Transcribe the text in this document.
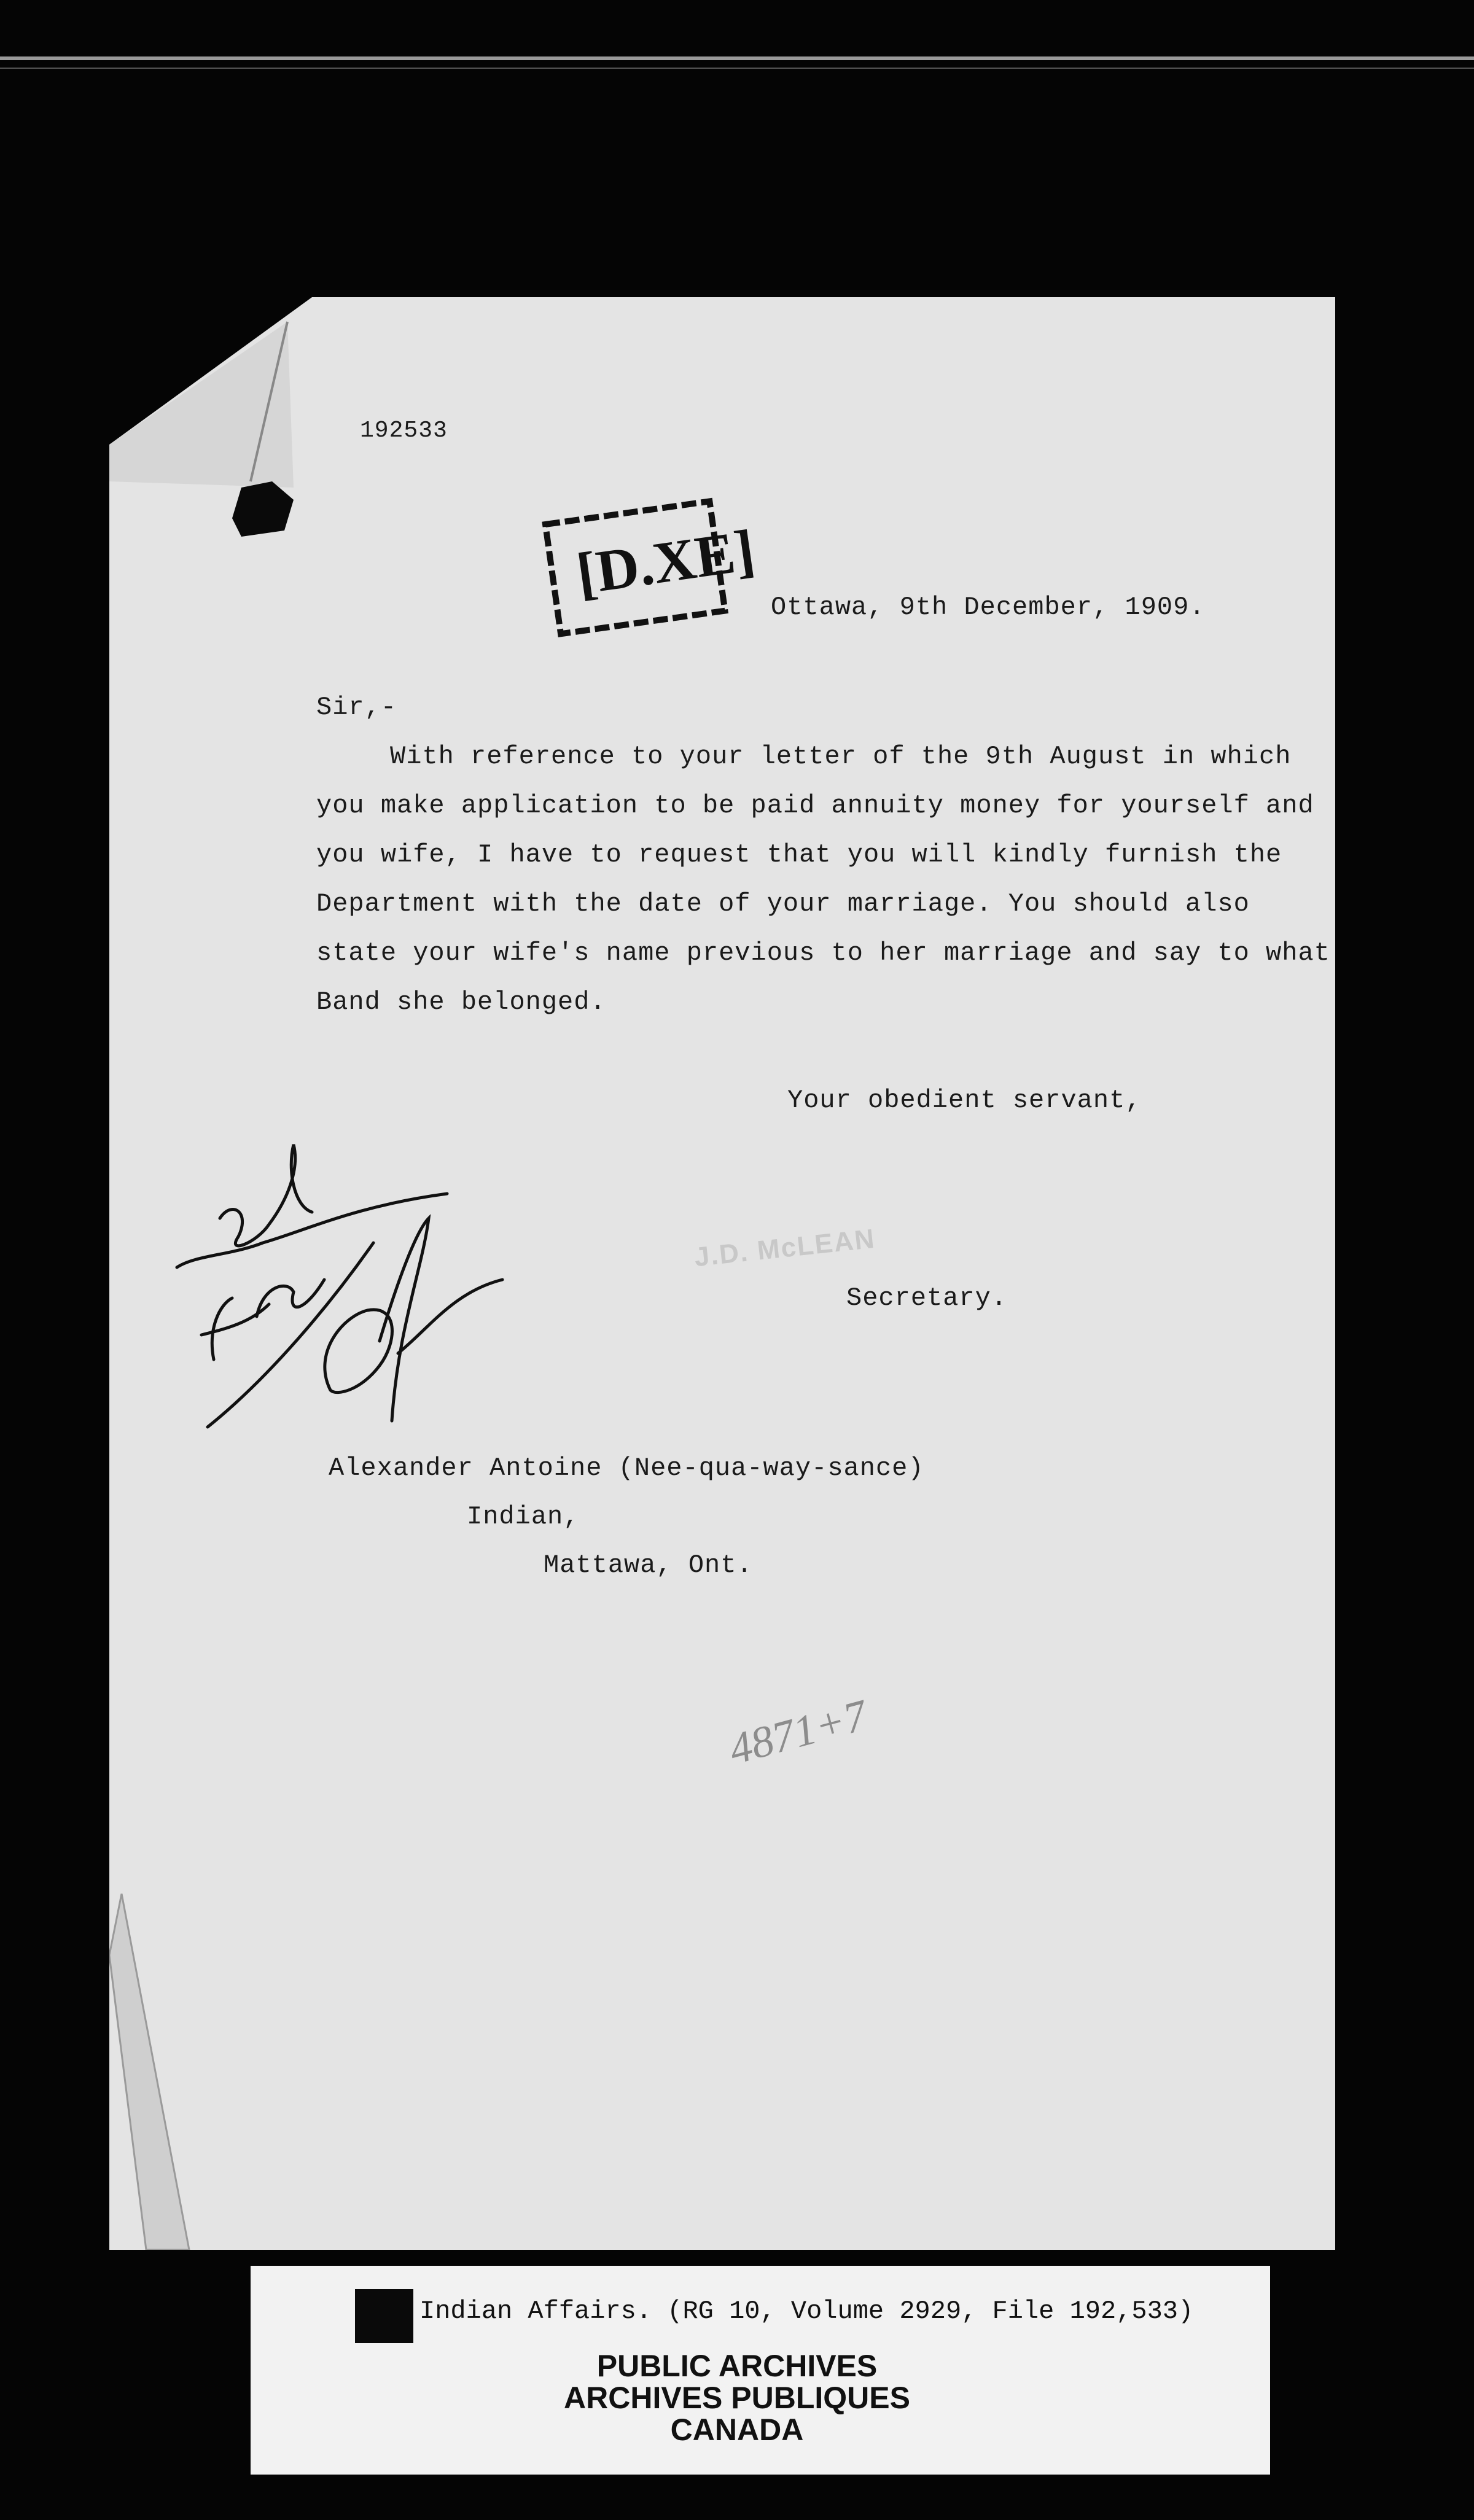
[D.XE]
192533
Ottawa, 9th December, 1909.
Sir,-
With reference to your letter of the 9th August in which
you make application to be paid annuity money for yourself and
you wife, I have to request that you will kindly furnish the
Department with the date of your marriage. You should also
state your wife's name previous to her marriage and say to what
Band she belonged.
Your obedient servant,
J.D. McLEAN
Secretary.
Alexander Antoine (Nee-qua-way-sance)
Indian,
Mattawa, Ont.
4871+7
Indian Affairs. (RG 10, Volume 2929, File 192,533)
PUBLIC ARCHIVES
ARCHIVES PUBLIQUES
CANADA
